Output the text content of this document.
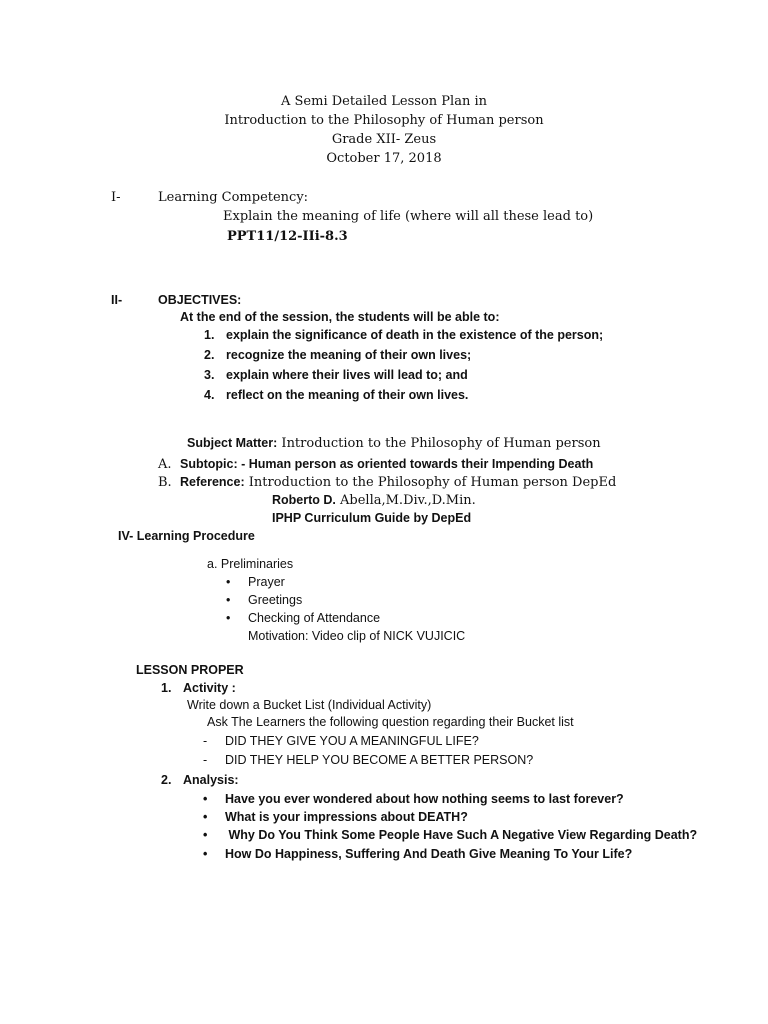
A Semi Detailed Lesson Plan in
Introduction to the Philosophy of Human person
Grade XII- Zeus
October 17, 2018
I-	Learning Competency:
Explain the meaning of life (where will all these lead to)
PPT11/12-IIi-8.3
II-	OBJECTIVES:
At the end of the session, the students will be able to:
1. explain the significance of death in the existence of the person;
2. recognize the meaning of their own lives;
3. explain where their lives will lead to; and
4. reflect on the meaning of their own lives.
Subject Matter: Introduction to the Philosophy of Human person
A. Subtopic: - Human person as oriented towards their Impending Death
B. Reference: Introduction to the Philosophy of Human person DepEd
Roberto D. Abella,M.Div.,D.Min.
IPHP Curriculum Guide by DepEd
IV- Learning Procedure
a. Preliminaries
• Prayer
• Greetings
• Checking of Attendance
Motivation: Video clip of NICK VUJICIC
LESSON PROPER
1. Activity :
Write down a Bucket List (Individual Activity)
Ask The Learners the following question regarding their Bucket list
- DID THEY GIVE YOU A MEANINGFUL LIFE?
- DID THEY HELP YOU BECOME A BETTER PERSON?
2. Analysis:
• Have you ever wondered about how nothing seems to last forever?
• What is your impressions about DEATH?
• Why Do You Think Some People Have Such A Negative View Regarding Death?
• How Do Happiness, Suffering And Death Give Meaning To Your Life?
